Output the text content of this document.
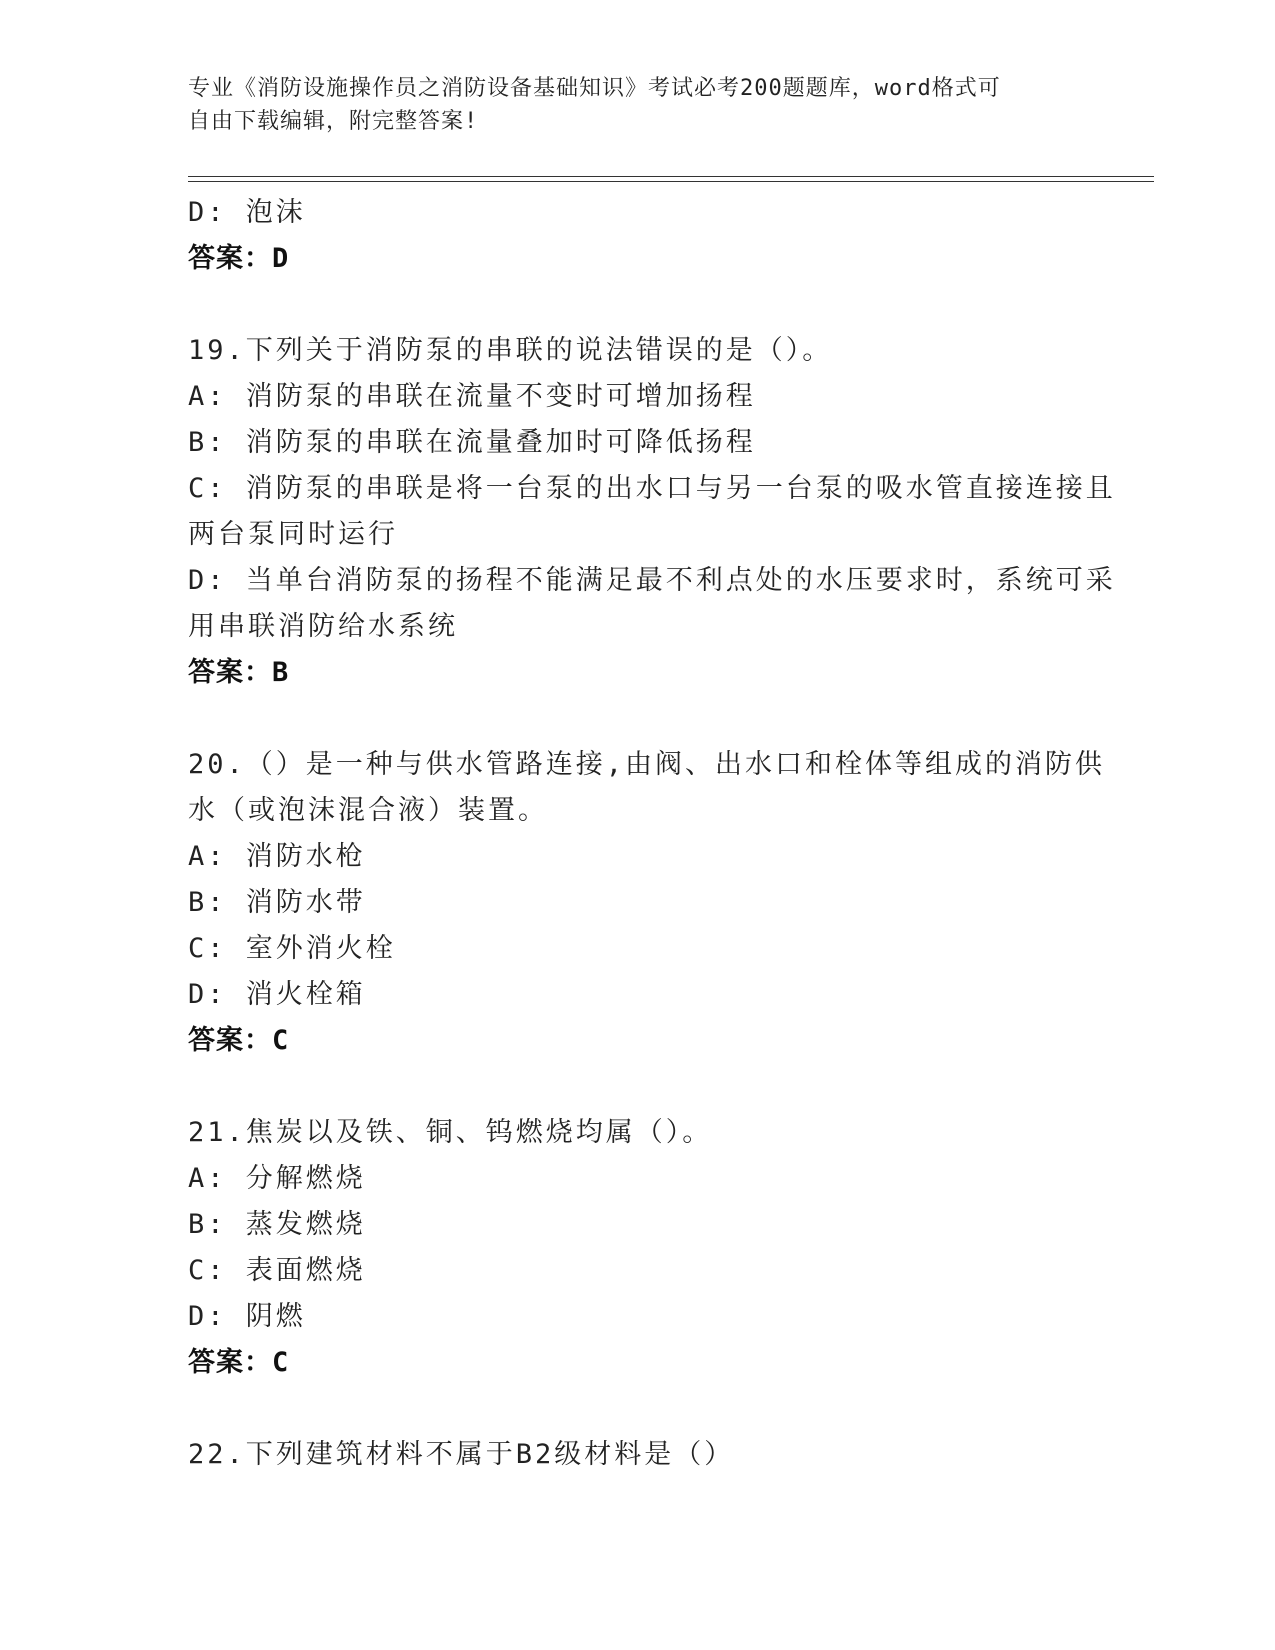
专业《消防设施操作员之消防设备基础知识》考试必考200题题库，word格式可
自由下载编辑，附完整答案!
D: 泡沫
答案：D
19.下列关于消防泵的串联的说法错误的是（）。
A: 消防泵的串联在流量不变时可增加扬程
B: 消防泵的串联在流量叠加时可降低扬程
C: 消防泵的串联是将一台泵的出水口与另一台泵的吸水管直接连接且
两台泵同时运行
D: 当单台消防泵的扬程不能满足最不利点处的水压要求时，系统可采
用串联消防给水系统
答案：B
20.（）是一种与供水管路连接,由阀、出水口和栓体等组成的消防供
水（或泡沫混合液）装置。
A: 消防水枪
B: 消防水带
C: 室外消火栓
D: 消火栓箱
答案：C
21.焦炭以及铁、铜、钨燃烧均属（）。
A: 分解燃烧
B: 蒸发燃烧
C: 表面燃烧
D: 阴燃
答案：C
22.下列建筑材料不属于B2级材料是（）
